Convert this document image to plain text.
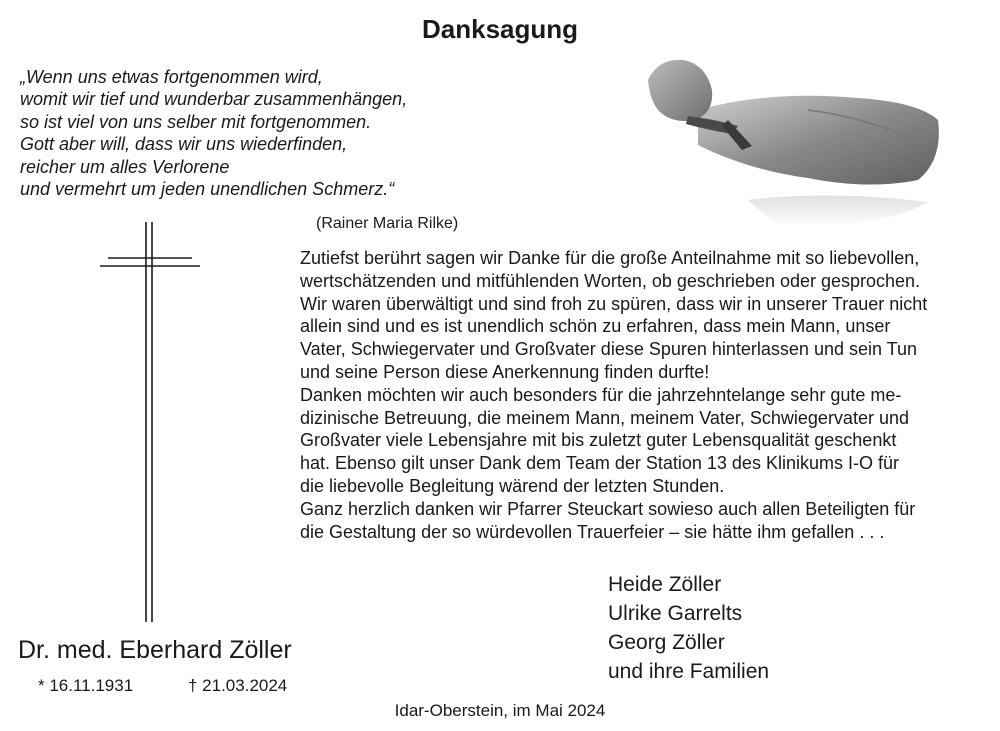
Danksagung
„Wenn uns etwas fortgenommen wird,
womit wir tief und wunderbar zusammenhängen,
so ist viel von uns selber mit fortgenommen.
Gott aber will, dass wir uns wiederfinden,
reicher um alles Verlorene
und vermehrt um jeden unendlichen Schmerz.“
(Rainer Maria Rilke)
Zutiefst berührt sagen wir Danke für die große Anteilnahme mit so liebevollen,
wertschätzenden und mitfühlenden Worten, ob geschrieben oder gesprochen.
Wir waren überwältigt und sind froh zu spüren, dass wir in unserer Trauer nicht
allein sind und es ist unendlich schön zu erfahren, dass mein Mann, unser
Vater, Schwiegervater und Großvater diese Spuren hinterlassen und sein Tun
und seine Person diese Anerkennung finden durfte!
Danken möchten wir auch besonders für die jahrzehntelange sehr gute me-
dizinische Betreuung, die meinem Mann, meinem Vater, Schwiegervater und
Großvater viele Lebensjahre mit bis zuletzt guter Lebensqualität geschenkt
hat. Ebenso gilt unser Dank dem Team der Station 13 des Klinikums I-O für
die liebevolle Begleitung wärend der letzten Stunden.
Ganz herzlich danken wir Pfarrer Steuckart sowieso auch allen Beteiligten für
die Gestaltung der so würdevollen Trauerfeier – sie hätte ihm gefallen . . .
Heide Zöller
Ulrike Garrelts
Georg Zöller
und ihre Familien
Dr. med. Eberhard Zöller
* 16.11.1931	† 21.03.2024
Idar-Oberstein, im Mai 2024
